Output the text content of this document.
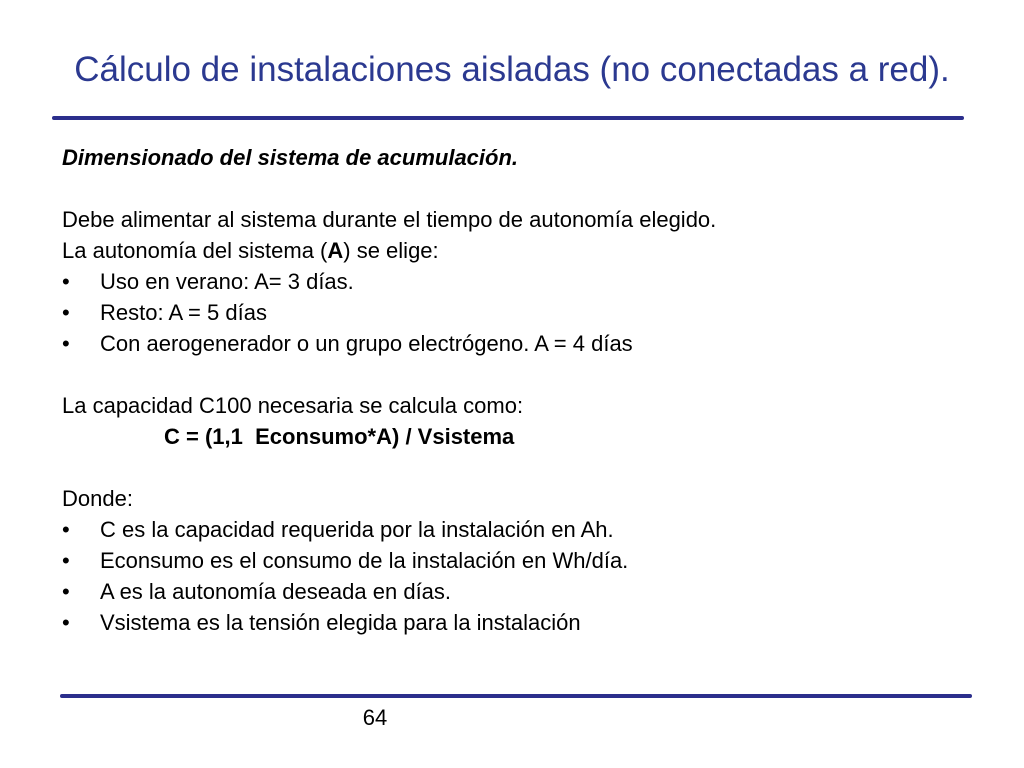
Cálculo de instalaciones aisladas (no conectadas a red).
Dimensionado del sistema de acumulación.
Debe alimentar al sistema durante el tiempo de autonomía elegido.
La autonomía del sistema (A) se elige:
• Uso en verano: A= 3 días.
• Resto: A = 5 días
• Con aerogenerador o un grupo electrógeno. A = 4 días
La capacidad C100 necesaria se calcula como:
C = (1,1  Econsumo*A) / Vsistema
Donde:
• C es la capacidad requerida por la instalación en Ah.
• Econsumo es el consumo de la instalación en Wh/día.
• A es la autonomía deseada en días.
• Vsistema es la tensión elegida para la instalación
64
